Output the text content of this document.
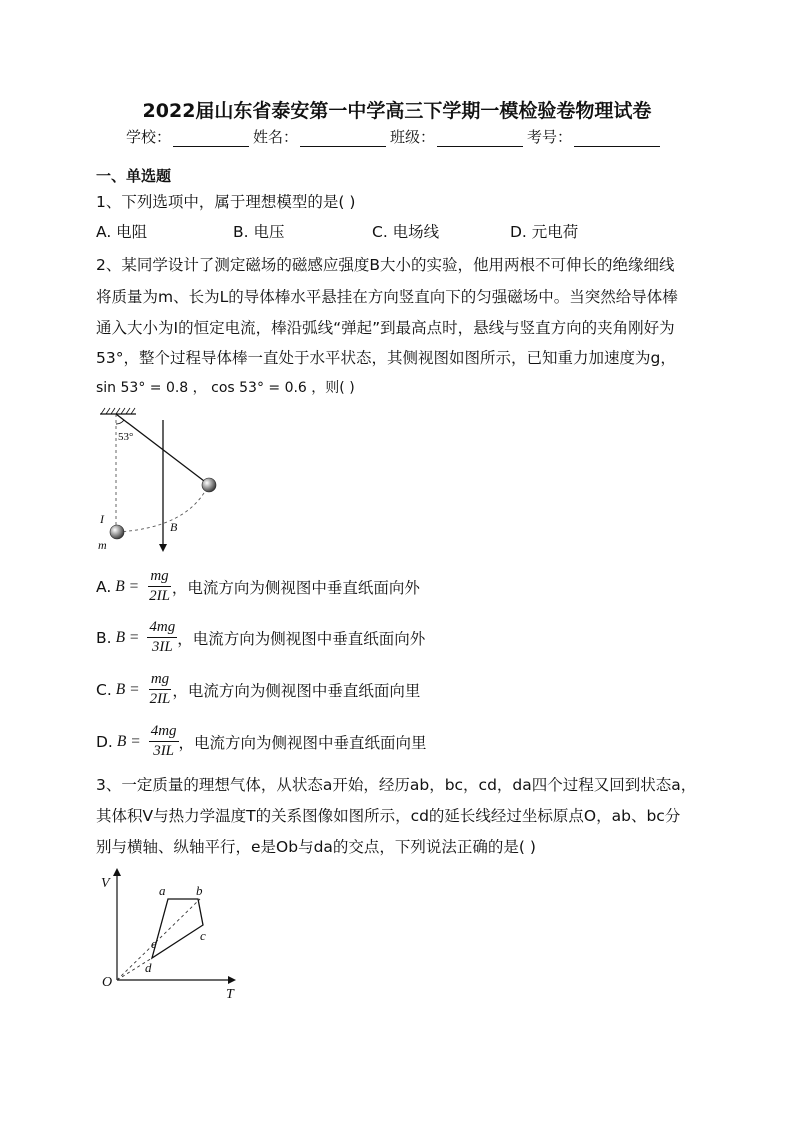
2022届山东省泰安第一中学高三下学期一模检验卷物理试卷
学校：	姓名：	班级：	考号：
一、单选题
1、下列选项中，属于理想模型的是( )
A. 电阻	B. 电压	C. 电场线	D. 元电荷
2、某同学设计了测定磁场的磁感应强度B大小的实验，他用两根不可伸长的绝缘细线
将质量为m、长为L的导体棒水平悬挂在方向竖直向下的匀强磁场中。当突然给导体棒
通入大小为I的恒定电流，棒沿弧线“弹起”到最高点时，悬线与竖直方向的夹角刚好为
53°，整个过程导体棒一直处于水平状态，其侧视图如图所示，已知重力加速度为g，
sin 53° = 0.8 ， cos 53° = 0.6 ，则( )
53°
B
I
m
A. $B = \frac{mg}{2IL}$ ，电流方向为侧视图中垂直纸面向外
B. $B = \frac{4mg}{3IL}$ ，电流方向为侧视图中垂直纸面向外
C. $B = \frac{mg}{2IL}$ ，电流方向为侧视图中垂直纸面向里
D. $B = \frac{4mg}{3IL}$ ，电流方向为侧视图中垂直纸面向里
3、一定质量的理想气体，从状态a开始，经历ab，bc，cd，da四个过程又回到状态a，
其体积V与热力学温度T的关系图像如图所示，cd的延长线经过坐标原点O，ab、bc分
别与横轴、纵轴平行，e是Ob与da的交点，下列说法正确的是( )
V
T
O
a b
c
d
e
